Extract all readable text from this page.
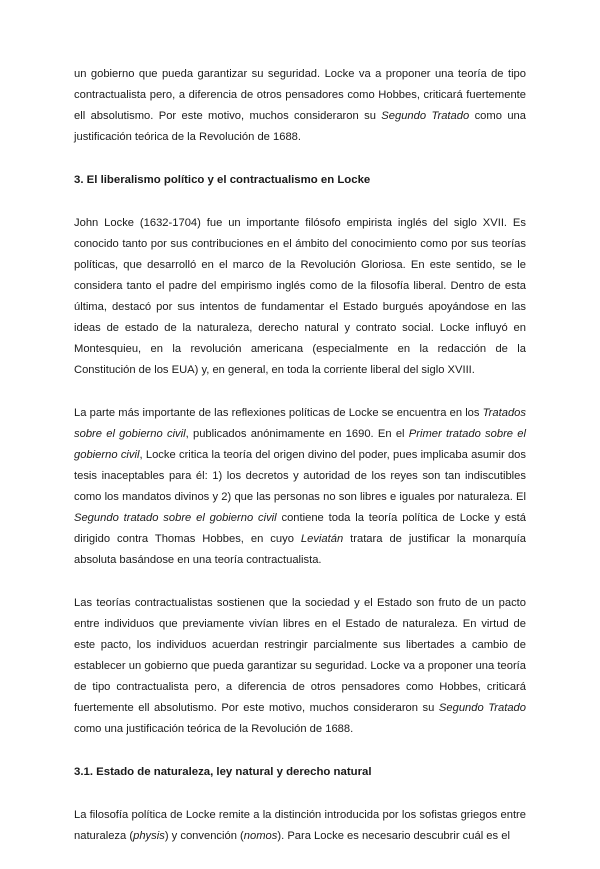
un gobierno que pueda garantizar su seguridad. Locke va a proponer una teoría de tipo contractualista pero, a diferencia de otros pensadores como Hobbes, criticará fuertemente ell absolutismo. Por este motivo, muchos consideraron su Segundo Tratado como una justificación teórica de la Revolución de 1688.

3. El liberalismo político y el contractualismo en Locke

John Locke (1632-1704) fue un importante filósofo empirista inglés del siglo XVII. Es conocido tanto por sus contribuciones en el ámbito del conocimiento como por sus teorías políticas, que desarrolló en el marco de la Revolución Gloriosa. En este sentido, se le considera tanto el padre del empirismo inglés como de la filosofía liberal. Dentro de esta última, destacó por sus intentos de fundamentar el Estado burgués apoyándose en las ideas de estado de la naturaleza, derecho natural y contrato social. Locke influyó en Montesquieu, en la revolución americana (especialmente en la redacción de la Constitución de los EUA) y, en general, en toda la corriente liberal del siglo XVIII.

La parte más importante de las reflexiones políticas de Locke se encuentra en los Tratados sobre el gobierno civil, publicados anónimamente en 1690. En el Primer tratado sobre el gobierno civil, Locke critica la teoría del origen divino del poder, pues implicaba asumir dos tesis inaceptables para él: 1) los decretos y autoridad de los reyes son tan indiscutibles como los mandatos divinos y 2) que las personas no son libres e iguales por naturaleza. El Segundo tratado sobre el gobierno civil contiene toda la teoría política de Locke y está dirigido contra Thomas Hobbes, en cuyo Leviatán tratara de justificar la monarquía absoluta basándose en una teoría contractualista.

Las teorías contractualistas sostienen que la sociedad y el Estado son fruto de un pacto entre individuos que previamente vivían libres en el Estado de naturaleza. En virtud de este pacto, los individuos acuerdan restringir parcialmente sus libertades a cambio de establecer un gobierno que pueda garantizar su seguridad. Locke va a proponer una teoría de tipo contractualista pero, a diferencia de otros pensadores como Hobbes, criticará fuertemente ell absolutismo. Por este motivo, muchos consideraron su Segundo Tratado como una justificación teórica de la Revolución de 1688.

3.1. Estado de naturaleza, ley natural y derecho natural

La filosofía política de Locke remite a la distinción introducida por los sofistas griegos entre naturaleza (physis) y convención (nomos). Para Locke es necesario descubrir cuál es el
